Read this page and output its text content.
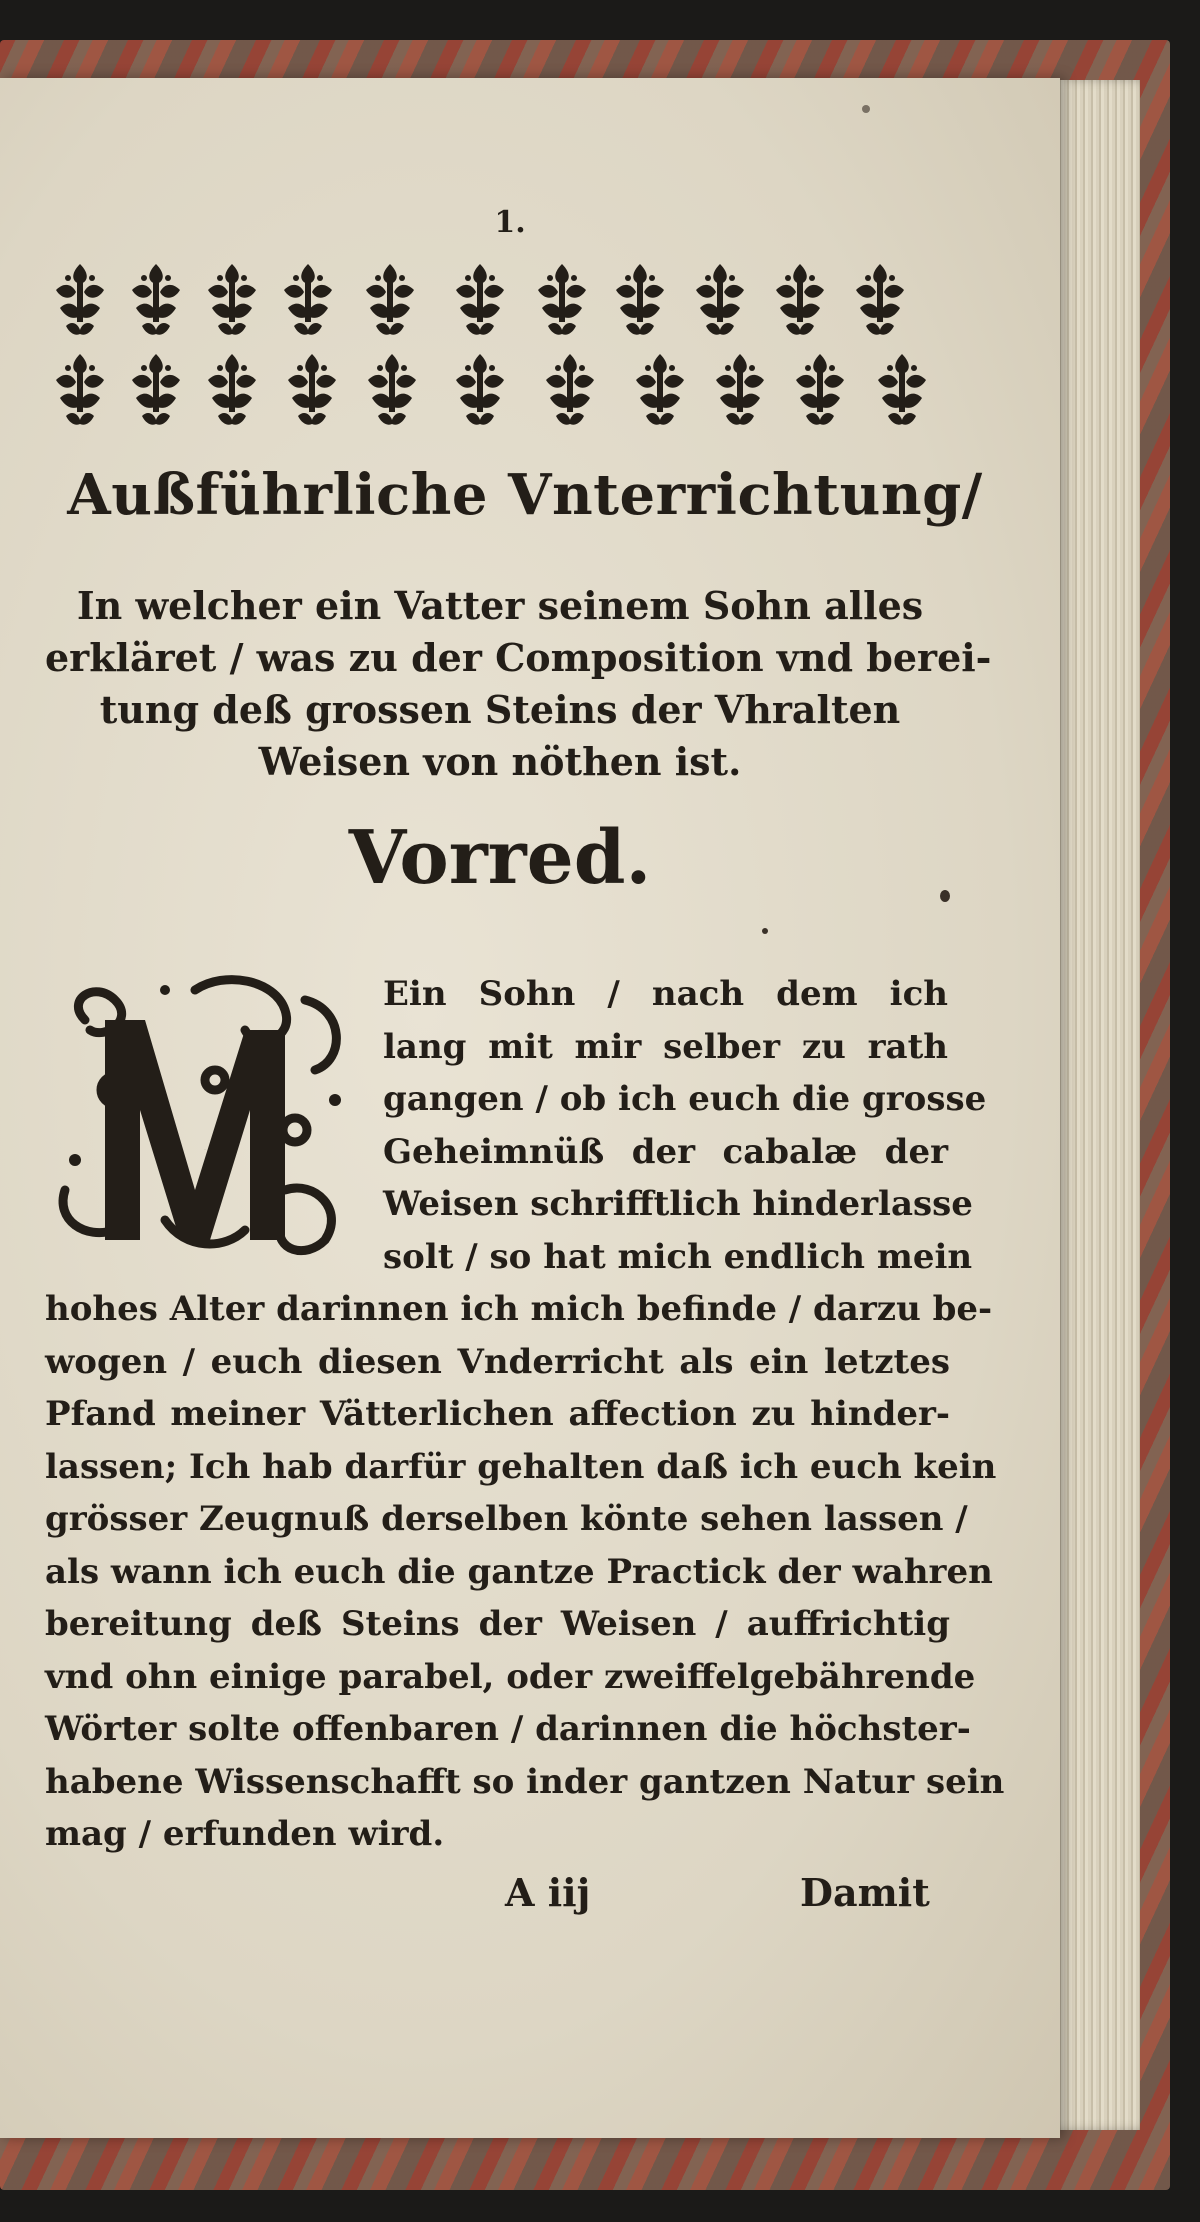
1.
Außführliche Vnterrichtung/
In welcher ein Vatter seinem Sohn alles
erkläret / was zu der Composition vnd berei-
tung deß grossen Steins der Vhralten
Weisen von nöthen ist.
Vorred.
M
Ein Sohn / nach dem ich
lang mit mir selber zu rath
gangen / ob ich euch die grosse
Geheimnüß der cabalæ der
Weisen schrifftlich hinderlasse
solt / so hat mich endlich mein
hohes Alter darinnen ich mich befinde / darzu be-
wogen / euch diesen Vnderricht als ein letztes
Pfand meiner Vätterlichen affection zu hinder-
lassen; Ich hab darfür gehalten daß ich euch kein
grösser Zeugnuß derselben könte sehen lassen /
als wann ich euch die gantze Practick der wahren
bereitung deß Steins der Weisen / auffrichtig
vnd ohn einige parabel, oder zweiffelgebährende
Wörter solte offenbaren / darinnen die höchster-
habene Wissenschafft so inder gantzen Natur sein
mag / erfunden wird.
A iij	Damit
